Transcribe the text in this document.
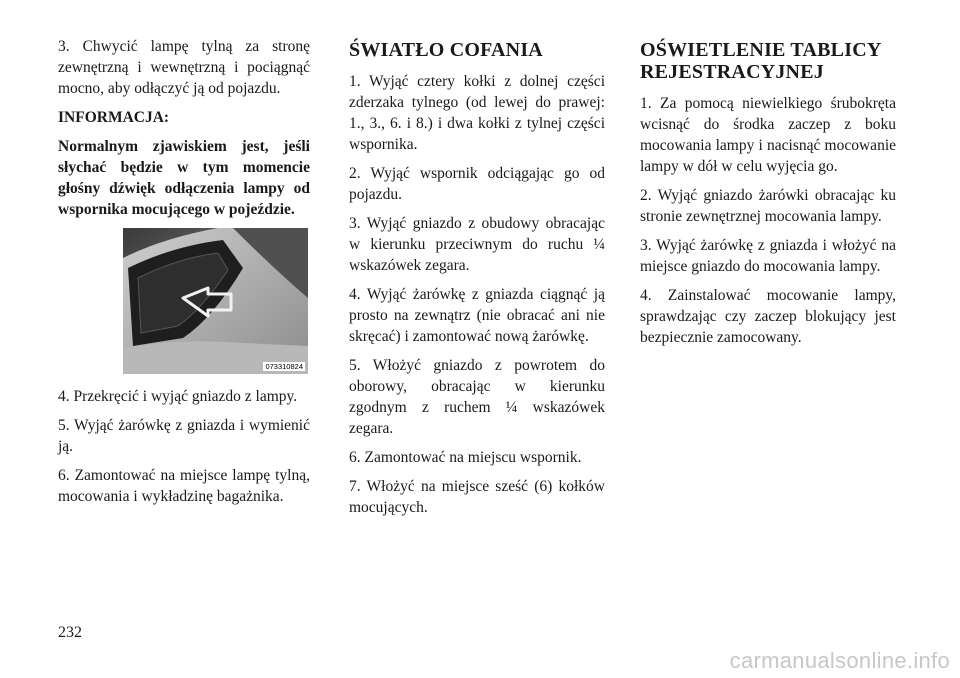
3. Chwycić lampę tylną za stronę zewnętrzną i wewnętrzną i pociągnąć mocno, aby odłączyć ją od pojazdu.

INFORMACJA:

Normalnym zjawiskiem jest, jeśli słychać będzie w tym momencie głośny dźwięk odłączenia lampy od wspornika mocującego w pojeździe.

073310824

4. Przekręcić i wyjąć gniazdo z lampy.

5. Wyjąć żarówkę z gniazda i wymienić ją.

6. Zamontować na miejsce lampę tylną, mocowania i wykładzinę bagażnika.

ŚWIATŁO COFANIA

1. Wyjąć cztery kołki z dolnej części zderzaka tylnego (od lewej do prawej: 1., 3., 6. i 8.) i dwa kołki z tylnej części wspornika.

2. Wyjąć wspornik odciągając go od pojazdu.

3. Wyjąć gniazdo z obudowy obracając w kierunku przeciwnym do ruchu ¼ wskazówek zegara.

4. Wyjąć żarówkę z gniazda ciągnąć ją prosto na zewnątrz (nie obracać ani nie skręcać) i zamontować nową żarówkę.

5. Włożyć gniazdo z powrotem do oborowy, obracając w kierunku zgodnym z ruchem ¼ wskazówek zegara.

6. Zamontować na miejscu wspornik.

7. Włożyć na miejsce sześć (6) kołków mocujących.

OŚWIETLENIE TABLICY REJESTRACYJNEJ

1. Za pomocą niewielkiego śrubokręta wcisnąć do środka zaczep z boku mocowania lampy i nacisnąć mocowanie lampy w dół w celu wyjęcia go.

2. Wyjąć gniazdo żarówki obracając ku stronie zewnętrznej mocowania lampy.

3. Wyjąć żarówkę z gniazda i włożyć na miejsce gniazdo do mocowania lampy.

4. Zainstalować mocowanie lampy, sprawdzając czy zaczep blokujący jest bezpiecznie zamocowany.

232
carmanualsonline.info
